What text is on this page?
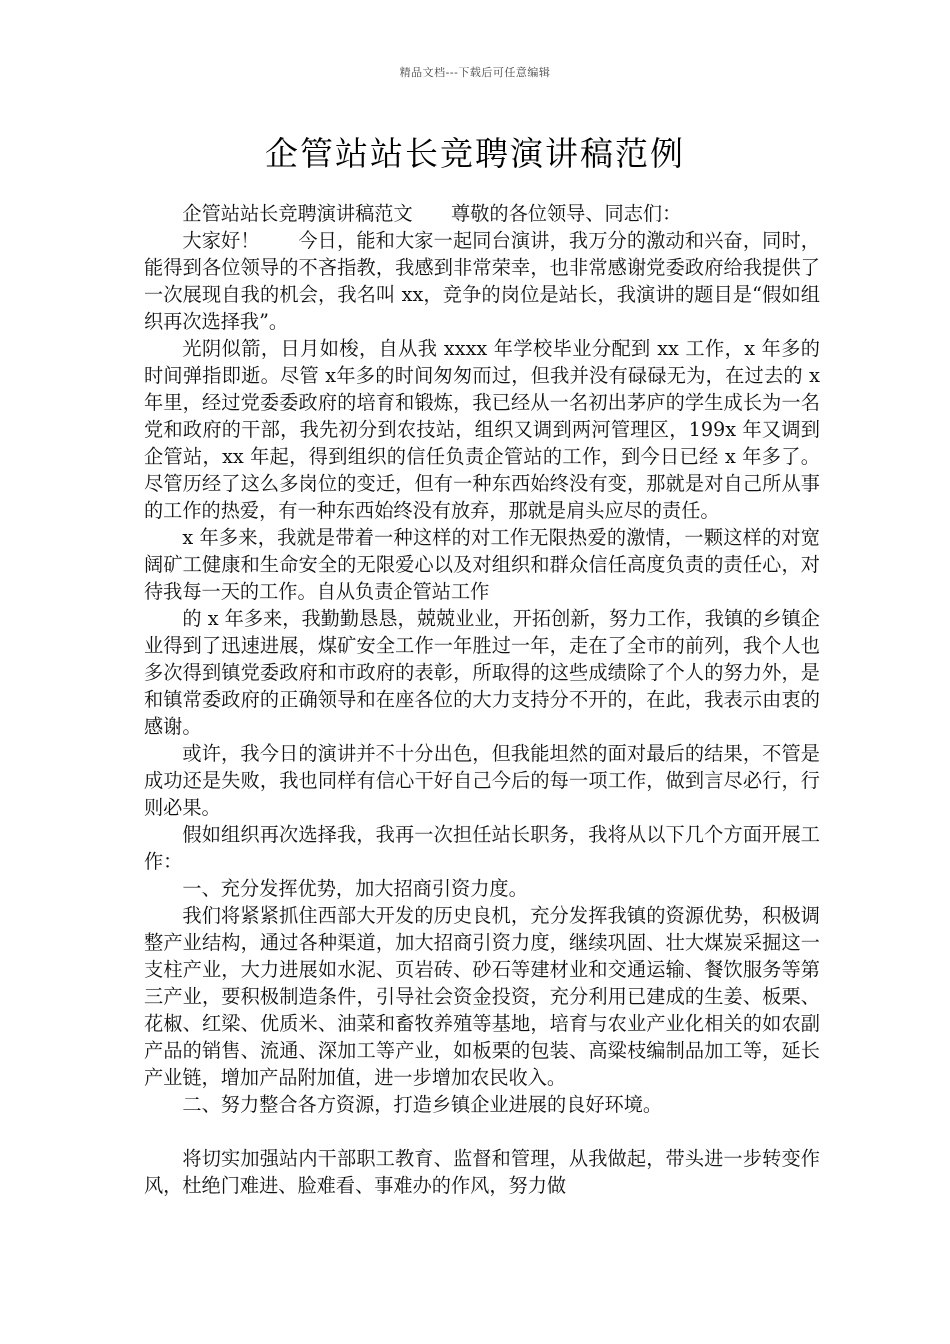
精品文档---下载后可任意编辑
企管站站长竞聘演讲稿范例

企管站站长竞聘演讲稿范文　　尊敬的各位领导、同志们：

大家好！　　今日，能和大家一起同台演讲，我万分的激动和兴奋，同时，能得到各位领导的不吝指教，我感到非常荣幸，也非常感谢党委政府给我提供了一次展现自我的机会，我名叫 xx，竞争的岗位是站长，我演讲的题目是“假如组织再次选择我”。

光阴似箭，日月如梭，自从我 xxxx 年学校毕业分配到 xx 工作，x 年多的时间弹指即逝。尽管 x年多的时间匆匆而过，但我并没有碌碌无为，在过去的 x 年里，经过党委委政府的培育和锻炼，我已经从一名初出茅庐的学生成长为一名党和政府的干部，我先初分到农技站，组织又调到两河管理区，199x 年又调到企管站，xx 年起，得到组织的信任负责企管站的工作，到今日已经 x 年多了。尽管历经了这么多岗位的变迁，但有一种东西始终没有变，那就是对自己所从事的工作的热爱，有一种东西始终没有放弃，那就是肩头应尽的责任。

x 年多来，我就是带着一种这样的对工作无限热爱的激情，一颗这样的对宽阔矿工健康和生命安全的无限爱心以及对组织和群众信任高度负责的责任心，对待我每一天的工作。自从负责企管站工作

的 x 年多来，我勤勤恳恳，兢兢业业，开拓创新，努力工作，我镇的乡镇企业得到了迅速进展，煤矿安全工作一年胜过一年，走在了全市的前列，我个人也多次得到镇党委政府和市政府的表彰，所取得的这些成绩除了个人的努力外，是和镇常委政府的正确领导和在座各位的大力支持分不开的，在此，我表示由衷的感谢。

或许，我今日的演讲并不十分出色，但我能坦然的面对最后的结果，不管是成功还是失败，我也同样有信心干好自己今后的每一项工作，做到言尽必行，行则必果。

假如组织再次选择我，我再一次担任站长职务，我将从以下几个方面开展工作：

一、充分发挥优势，加大招商引资力度。

我们将紧紧抓住西部大开发的历史良机，充分发挥我镇的资源优势，积极调整产业结构，通过各种渠道，加大招商引资力度，继续巩固、壮大煤炭采掘这一支柱产业，大力进展如水泥、页岩砖、砂石等建材业和交通运输、餐饮服务等第三产业，要积极制造条件，引导社会资金投资，充分利用已建成的生姜、板栗、花椒、红梁、优质米、油菜和畜牧养殖等基地，培育与农业产业化相关的如农副产品的销售、流通、深加工等产业，如板栗的包装、高粱枝编制品加工等，延长产业链，增加产品附加值，进一步增加农民收入。

二、努力整合各方资源，打造乡镇企业进展的良好环境。

将切实加强站内干部职工教育、监督和管理，从我做起，带头进一步转变作风，杜绝门难进、脸难看、事难办的作风，努力做
